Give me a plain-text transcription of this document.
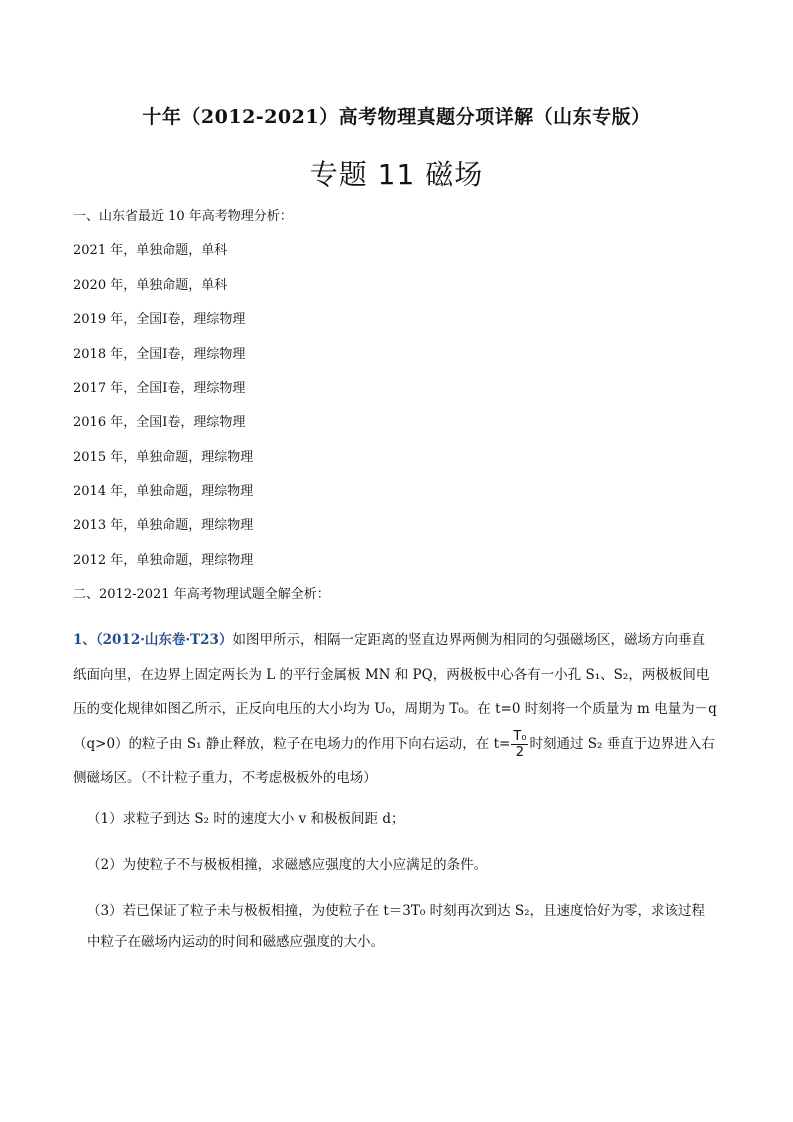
十年（2012-2021）高考物理真题分项详解（山东专版）
专题 11 磁场
一、山东省最近 10 年高考物理分析：
2021 年，单独命题，单科
2020 年，单独命题，单科
2019 年，全国Ⅰ卷，理综物理
2018 年，全国Ⅰ卷，理综物理
2017 年，全国Ⅰ卷，理综物理
2016 年，全国Ⅰ卷，理综物理
2015 年，单独命题，理综物理
2014 年，单独命题，理综物理
2013 年，单独命题，理综物理
2012 年，单独命题，理综物理
二、2012-2021 年高考物理试题全解全析：
1、（2012·山东卷·T23）如图甲所示，相隔一定距离的竖直边界两侧为相同的匀强磁场区，磁场方向垂直
纸面向里，在边界上固定两长为 L 的平行金属板 MN 和 PQ，两极板中心各有一小孔 S₁、S₂，两极板间电
压的变化规律如图乙所示，正反向电压的大小均为 U₀，周期为 T₀。在 t=0 时刻将一个质量为 m 电量为－q
（q>0）的粒子由 S₁ 静止释放，粒子在电场力的作用下向右运动，在 $t= \frac{\text{T₀}}{2}$ 时刻通过 S₂ 垂直于边界进入右
侧磁场区。（不计粒子重力，不考虑极板外的电场）
（1）求粒子到达 S₂ 时的速度大小 v 和极板间距 d；
（2）为使粒子不与极板相撞，求磁感应强度的大小应满足的条件。
（3）若已保证了粒子未与极板相撞，为使粒子在 t＝3T₀ 时刻再次到达 S₂，且速度恰好为零，求该过程
中粒子在磁场内运动的时间和磁感应强度的大小。
